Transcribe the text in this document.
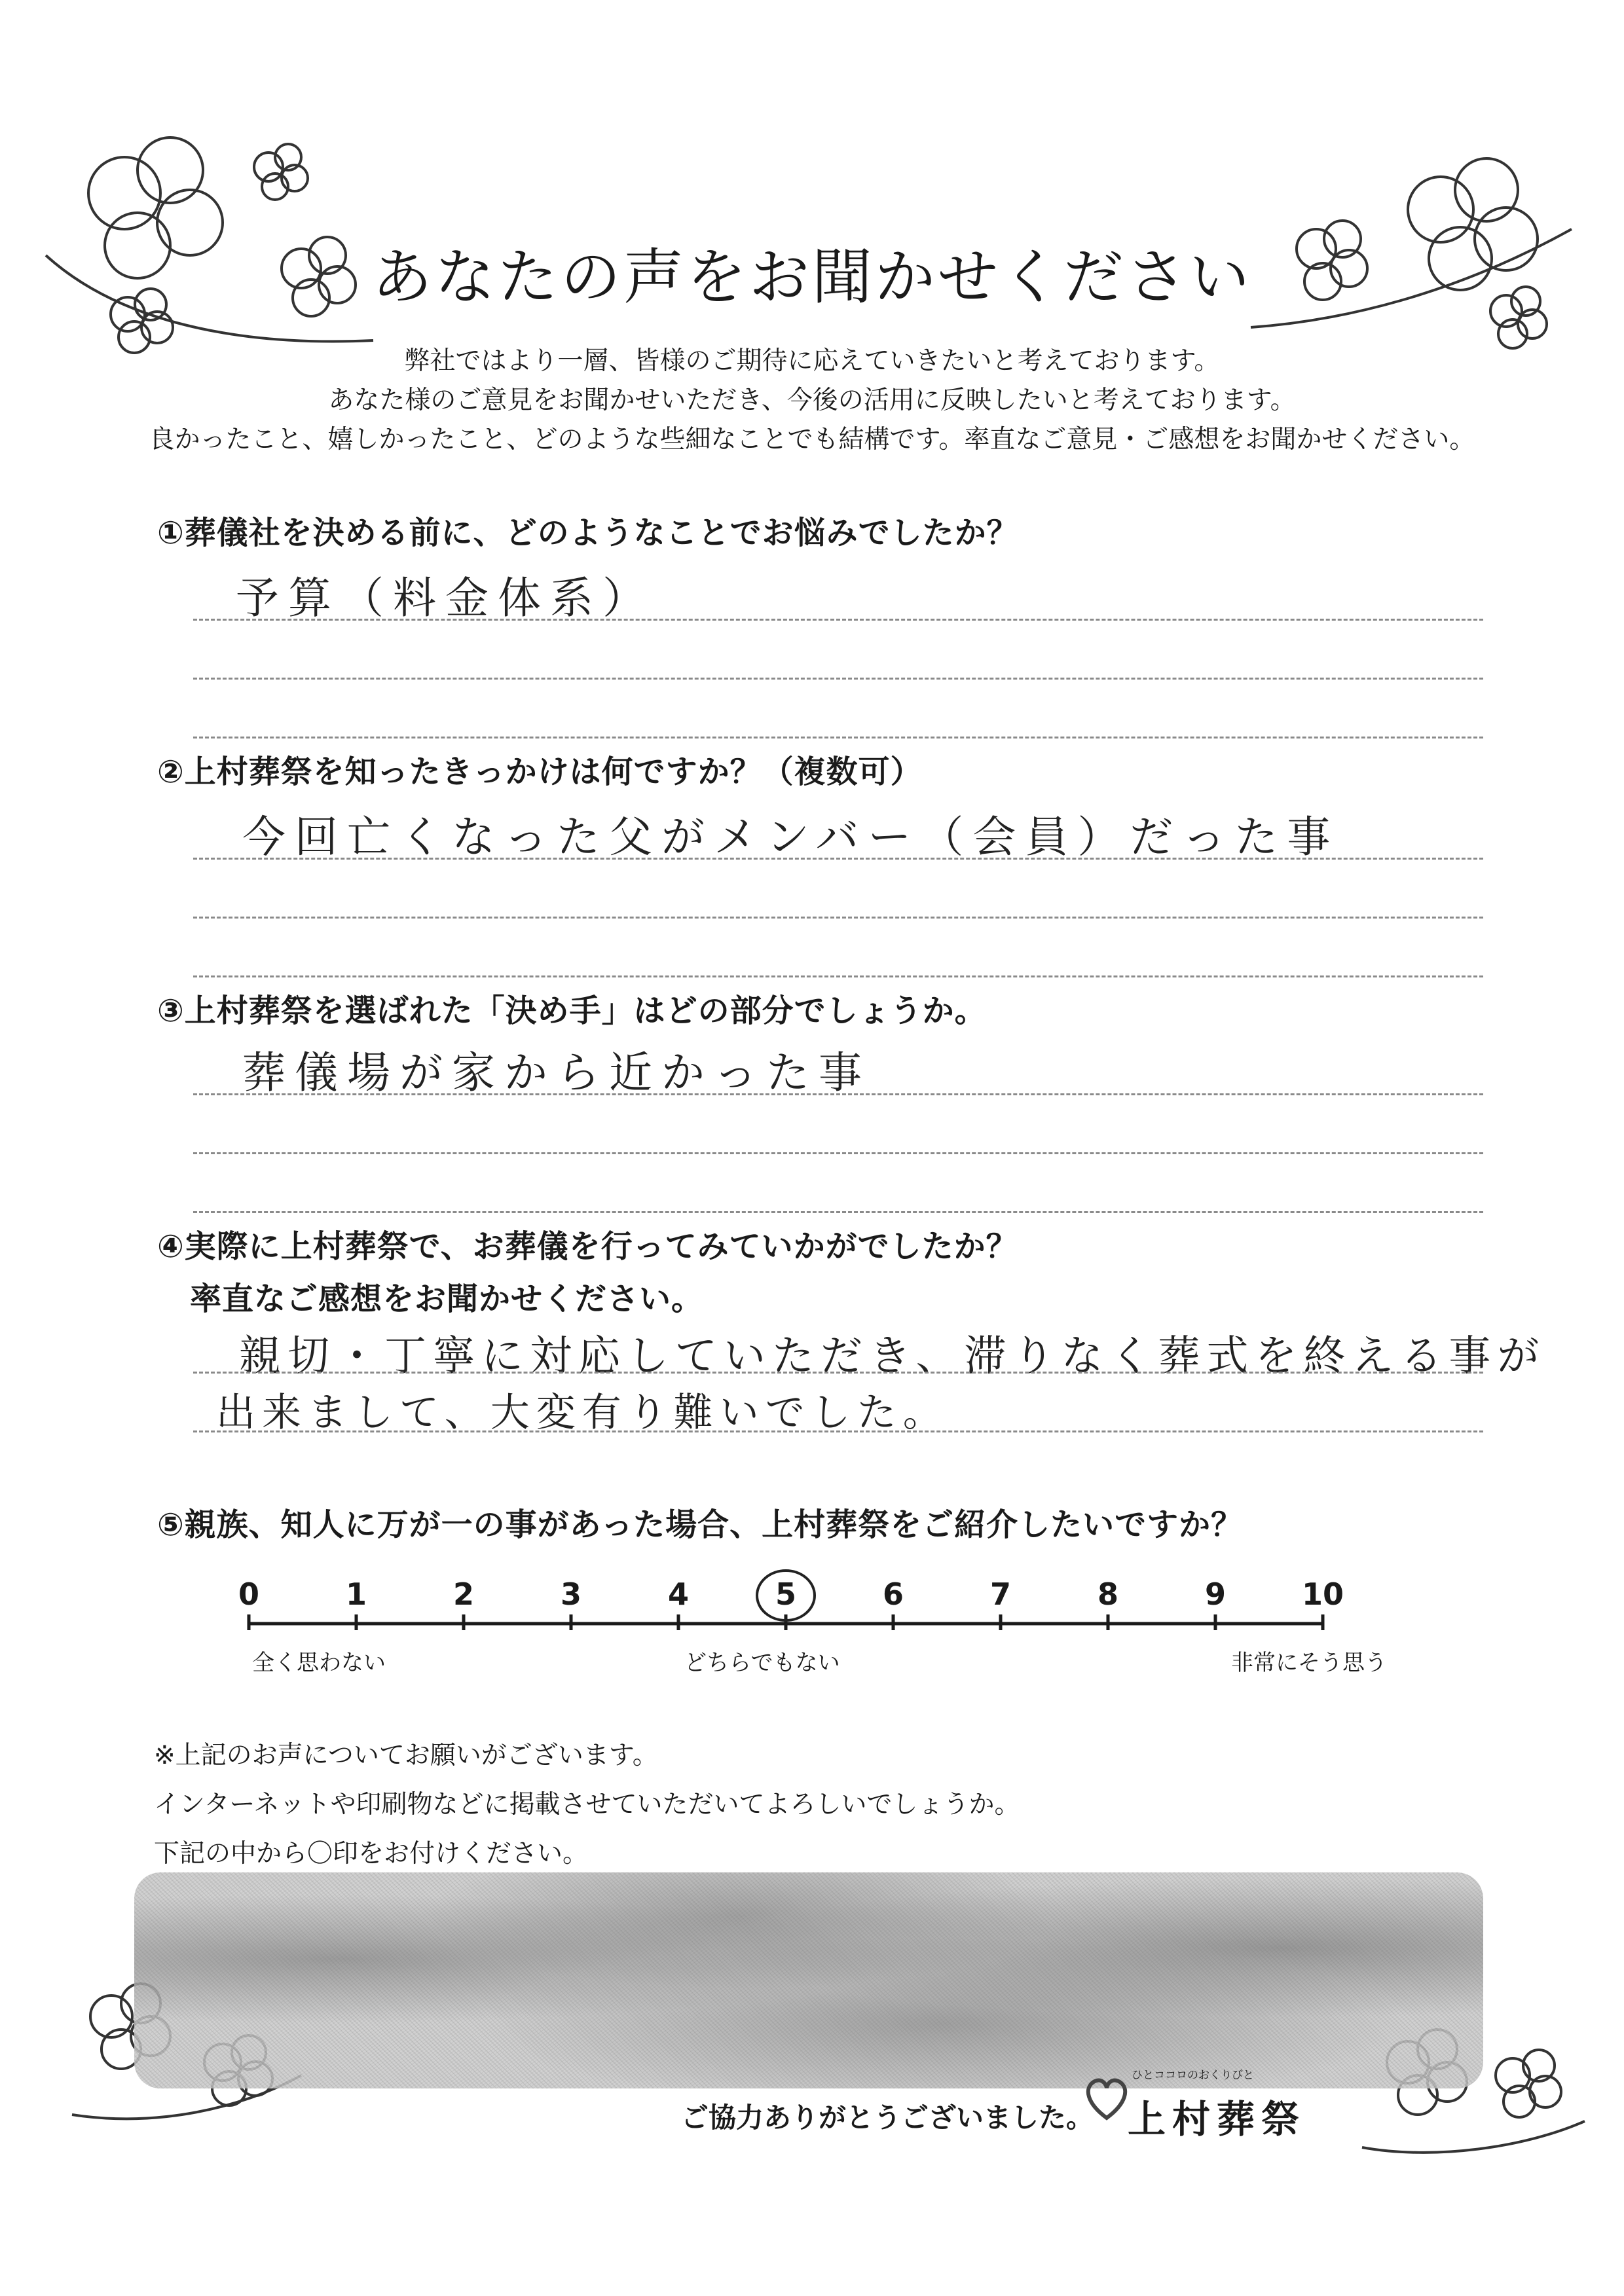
あなたの声をお聞かせください
弊社ではより一層、皆様のご期待に応えていきたいと考えております。
あなた様のご意見をお聞かせいただき、今後の活用に反映したいと考えております。
良かったこと、嬉しかったこと、どのような些細なことでも結構です。率直なご意見・ご感想をお聞かせください。
①葬儀社を決める前に、どのようなことでお悩みでしたか？
予算（料金体系）
②上村葬祭を知ったきっかけは何ですか？（複数可）
今回亡くなった父がメンバー（会員）だった事
③上村葬祭を選ばれた「決め手」はどの部分でしょうか。
葬儀場が家から近かった事
④実際に上村葬祭で、お葬儀を行ってみていかがでしたか？
率直なご感想をお聞かせください。
親切・丁寧に対応していただき、滞りなく葬式を終える事が
出来まして、大変有り難いでした。
⑤親族、知人に万が一の事があった場合、上村葬祭をご紹介したいですか？
0	1	2	3	4	5	6	7	8	9	10
全く思わない	どちらでもない	非常にそう思う
※上記のお声についてお願いがございます。
インターネットや印刷物などに掲載させていただいてよろしいでしょうか。
下記の中から〇印をお付けください。
ご協力ありがとうございました。
ひとココロのおくりびと
上村葬祭
